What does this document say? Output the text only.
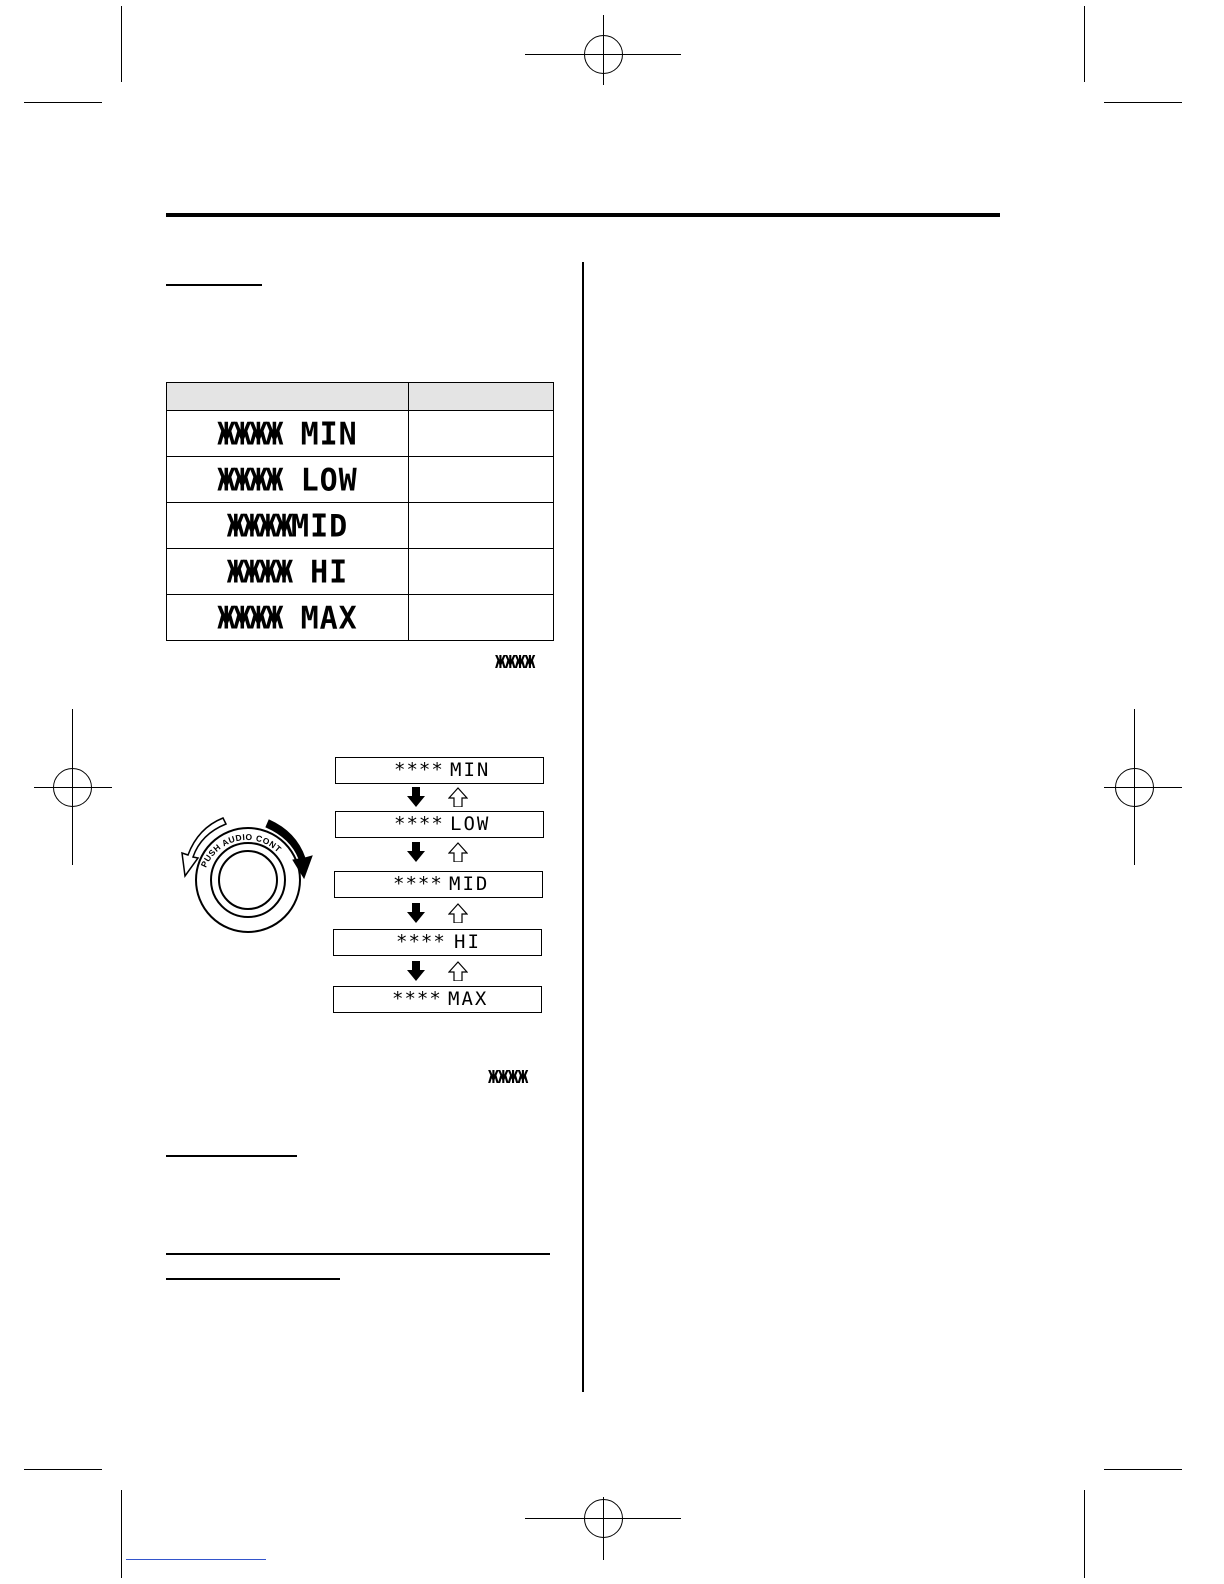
ЖЖЖЖ MIN	
ЖЖЖЖ LOW	
ЖЖЖЖMID	
ЖЖЖЖ HI	
ЖЖЖЖ MAX	
ЖЖЖЖ
PUSH AUDIO CONT
**** MIN
**** LOW
**** MID
**** HI
**** MAX
ЖЖЖЖ
